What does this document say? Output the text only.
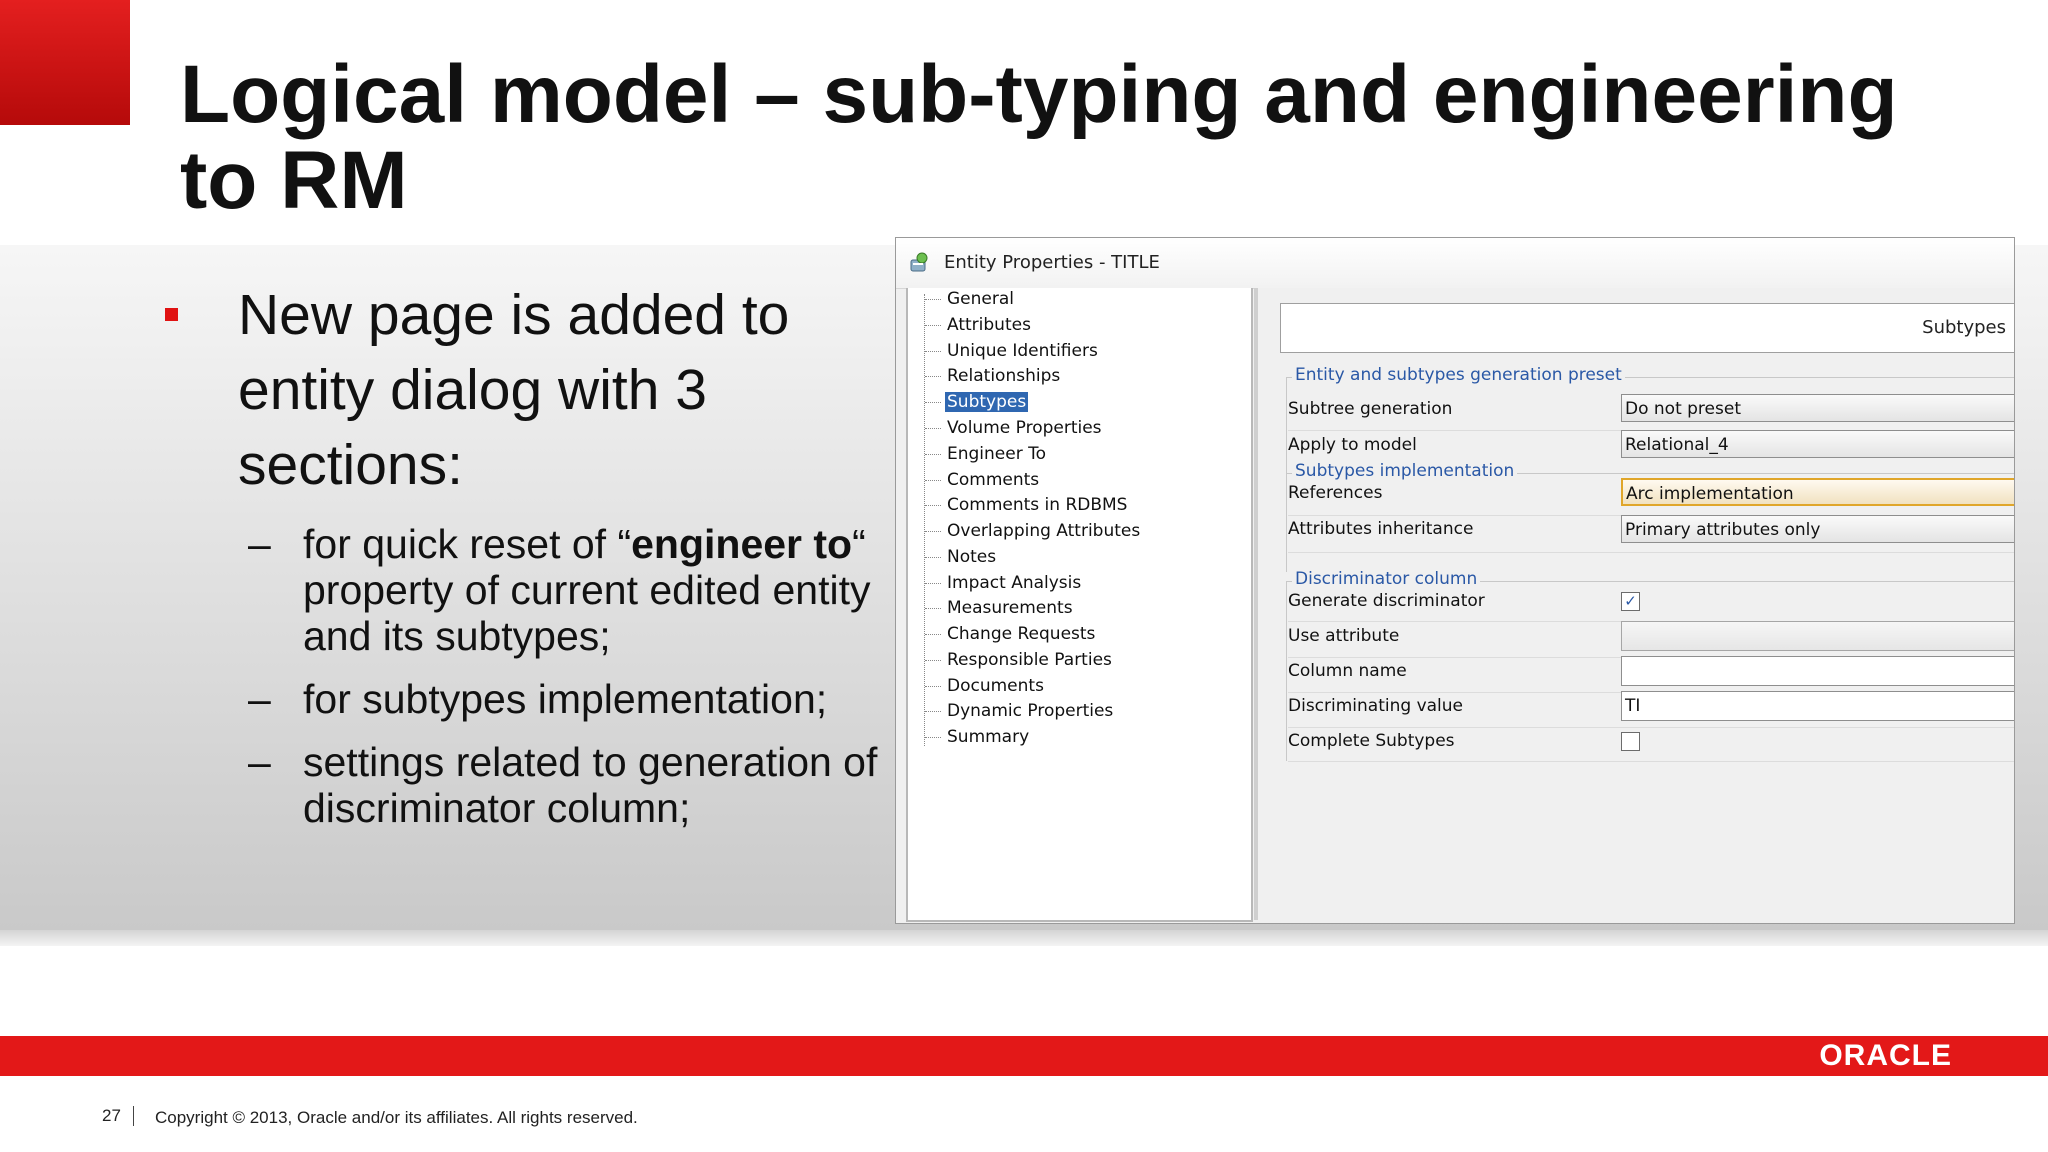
Logical model – sub-typing and engineering to RM
New page is added to entity dialog with 3 sections:
– for quick reset of “engineer to“ property of current edited entity and its subtypes;
– for subtypes implementation;
– settings related to generation of discriminator column;
Entity Properties - TITLE
General
Attributes
Unique Identifiers
Relationships
Subtypes
Volume Properties
Engineer To
Comments
Comments in RDBMS
Overlapping Attributes
Notes
Impact Analysis
Measurements
Change Requests
Responsible Parties
Documents
Dynamic Properties
Summary
Subtypes
Entity and subtypes generation preset
Subtree generation	Do not preset
Apply to model	Relational_4
Subtypes implementation
References	Arc implementation
Attributes inheritance	Primary attributes only
Discriminator column
Generate discriminator	✓
Use attribute
Column name
Discriminating value	TI
Complete Subtypes
ORACLE
27 Copyright © 2013, Oracle and/or its affiliates. All rights reserved.
